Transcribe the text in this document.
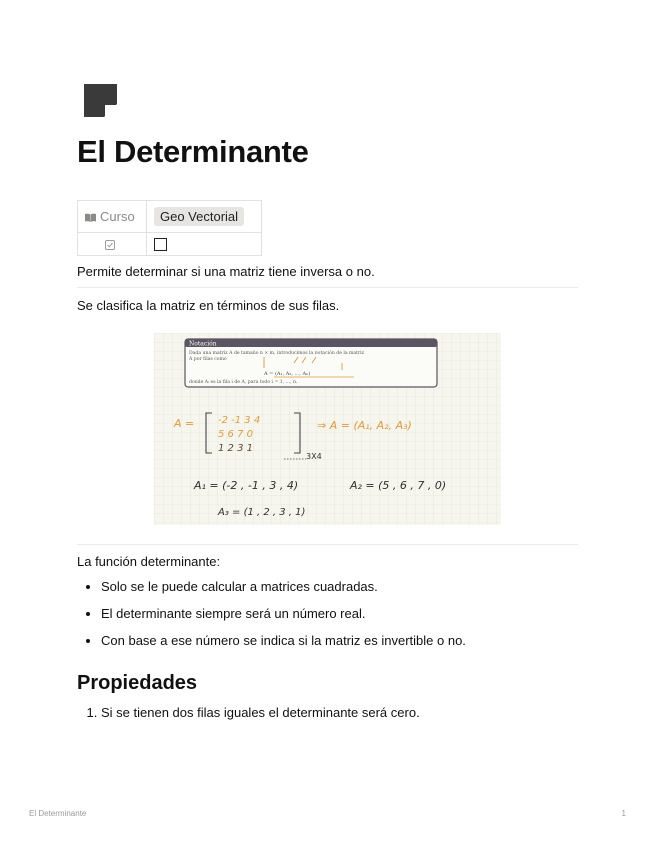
El Determinante
Curso	Geo Vectorial

Permite determinar si una matriz tiene inversa o no.
Se clasifica la matriz en términos de sus filas.
Notación
Dada una matriz A de tamaño n × m, introducimos la notación de la matriz
A por filas como
A = (A₁, A₂, ..., Aₙ)
donde Aᵢ es la fila i de A, para todo i = 1, ..., n.
A = -2 -1 3 4
5 6 7 0
1 2 3 1
3X4
⇒ A = (A₁, A₂, A₃)
A₁ = (-2 , -1 , 3 , 4)	A₂ = (5 , 6 , 7 , 0)
A₃ = (1 , 2 , 3 , 1)
La función determinante:
• Solo se le puede calcular a matrices cuadradas.
• El determinante siempre será un número real.
• Con base a ese número se indica si la matriz es invertible o no.
Propiedades
1. Si se tienen dos filas iguales el determinante será cero.
El Determinante	1
